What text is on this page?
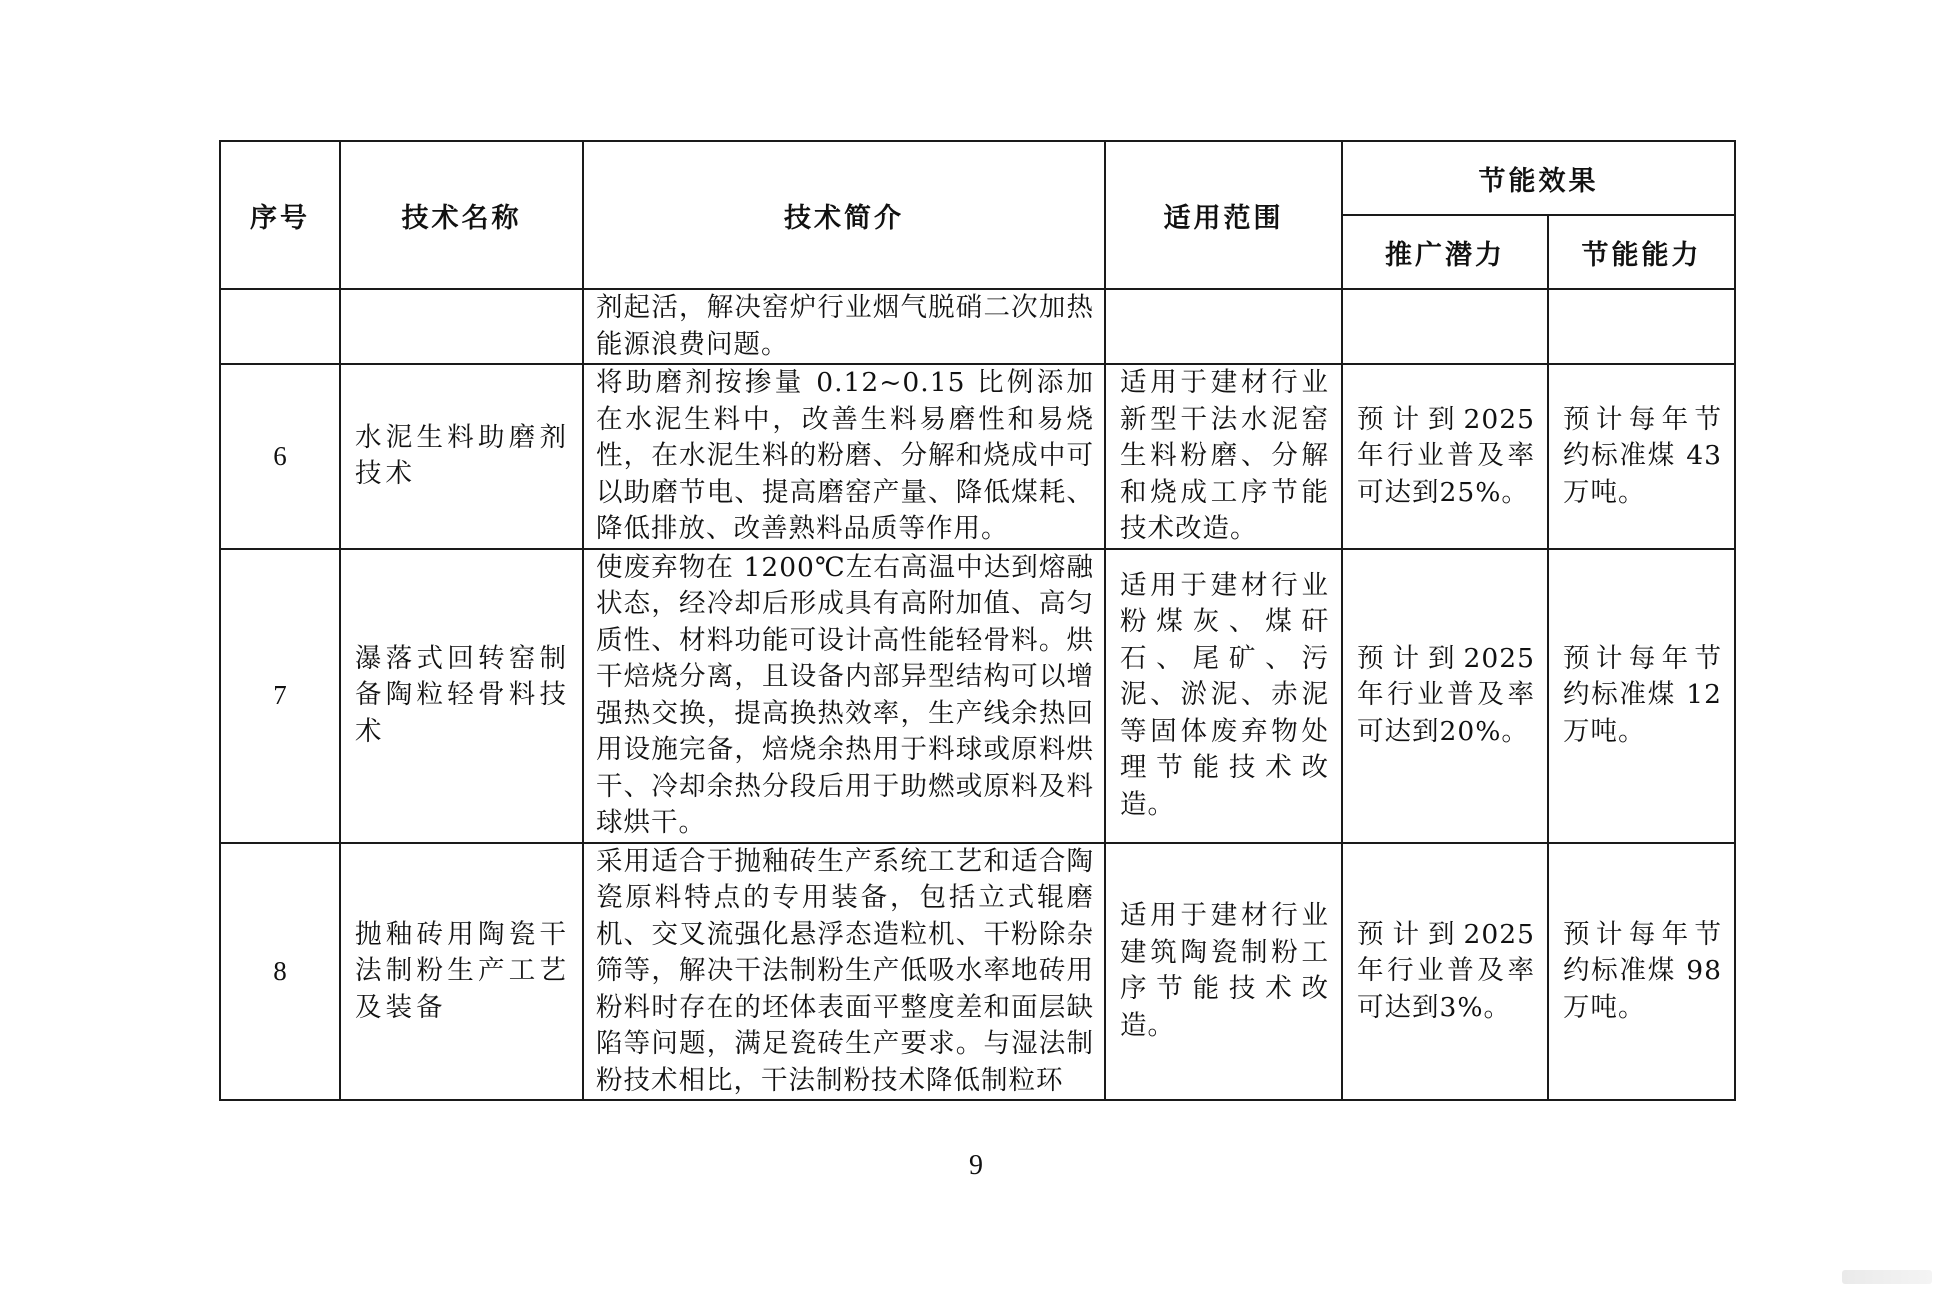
序号	技术名称	技术简介	适用范围	节能效果	
				推广潜力	节能能力

		剂起活，解决窑炉行业烟气脱硝二次加热能源浪费问题。			

6	水泥生料助磨剂技术	将助磨剂按掺量 0.12~0.15 比例添加在水泥生料中，改善生料易磨性和易烧性，在水泥生料的粉磨、分解和烧成中可以助磨节电、提高磨窑产量、降低煤耗、降低排放、改善熟料品质等作用。	适用于建材行业新型干法水泥窑生料粉磨、分解和烧成工序节能技术改造。	预计到2025年行业普及率可达到25%。	预计每年节约标准煤 43 万吨。

7	瀑落式回转窑制备陶粒轻骨料技术	使废弃物在 1200℃左右高温中达到熔融状态，经冷却后形成具有高附加值、高匀质性、材料功能可设计高性能轻骨料。烘干焙烧分离，且设备内部异型结构可以增强热交换，提高换热效率，生产线余热回用设施完备，焙烧余热用于料球或原料烘干、冷却余热分段后用于助燃或原料及料球烘干。	适用于建材行业粉煤灰、煤矸石、尾矿、污泥、淤泥、赤泥等固体废弃物处理节能技术改造。	预计到2025年行业普及率可达到20%。	预计每年节约标准煤 12 万吨。

8	抛釉砖用陶瓷干法制粉生产工艺及装备	采用适合于抛釉砖生产系统工艺和适合陶瓷原料特点的专用装备，包括立式辊磨机、交叉流强化悬浮态造粒机、干粉除杂筛等，解决干法制粉生产低吸水率地砖用粉料时存在的坯体表面平整度差和面层缺陷等问题，满足瓷砖生产要求。与湿法制粉技术相比，干法制粉技术降低制粒环	适用于建材行业建筑陶瓷制粉工序节能技术改造。	预计到2025年行业普及率可达到3%。	预计每年节约标准煤 98 万吨。
9
